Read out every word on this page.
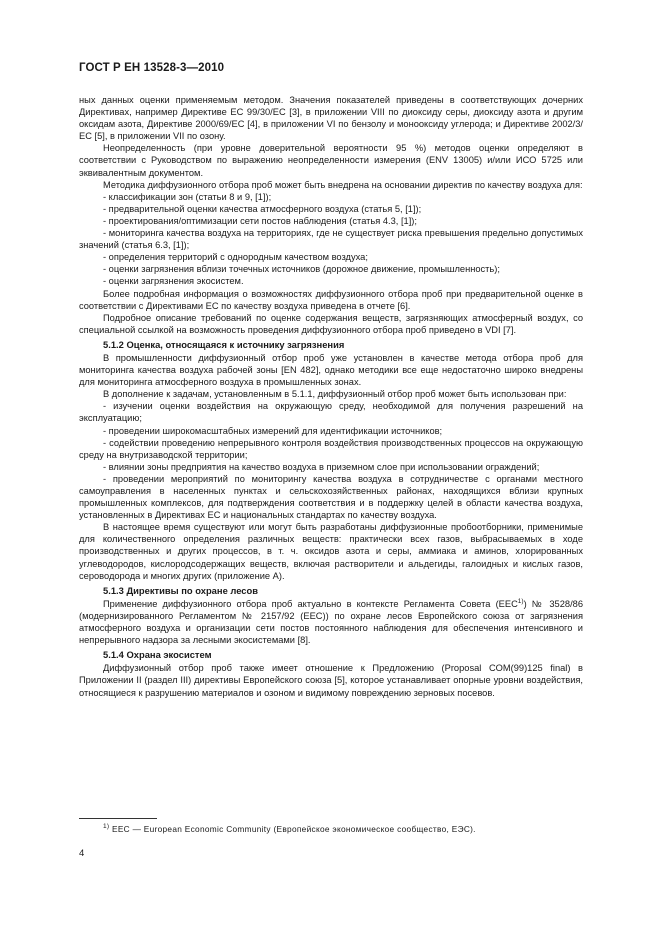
ГОСТ Р ЕН 13528-3—2010

ных данных оценки применяемым методом. Значения показателей приведены в соответствующих дочерних Директивах, например Директиве ЕС 99/30/ЕС [3], в приложении VIII по диоксиду серы, диоксиду азота и другим оксидам азота, Директиве 2000/69/ЕС [4], в приложении VI по бензолу и монооксиду углерода; и Директиве 2002/3/ЕС [5], в приложении VII по озону.

Неопределенность (при уровне доверительной вероятности 95 %) методов оценки определяют в соответствии с Руководством по выражению неопределенности измерения (ENV 13005) и/или ИСО 5725 или эквивалентным документом.

Методика диффузионного отбора проб может быть внедрена на основании директив по качеству воздуха для:

- классификации зон (статьи 8 и 9, [1]);
- предварительной оценки качества атмосферного воздуха (статья 5, [1]);
- проектирования/оптимизации сети постов наблюдения (статья 4.3, [1]);
- мониторинга качества воздуха на территориях, где не существует риска превышения предельно допустимых значений (статья 6.3, [1]);
- определения территорий с однородным качеством воздуха;
- оценки загрязнения вблизи точечных источников (дорожное движение, промышленность);
- оценки загрязнения экосистем.

Более подробная информация о возможностях диффузионного отбора проб при предварительной оценке в соответствии с Директивами ЕС по качеству воздуха приведена в отчете [6].

Подробное описание требований по оценке содержания веществ, загрязняющих атмосферный воздух, со специальной ссылкой на возможность проведения диффузионного отбора проб приведено в VDI [7].

5.1.2 Оценка, относящаяся к источнику загрязнения

В промышленности диффузионный отбор проб уже установлен в качестве метода отбора проб для мониторинга качества воздуха рабочей зоны [EN 482], однако методики все еще недостаточно широко внедрены для мониторинга атмосферного воздуха в промышленных зонах.

В дополнение к задачам, установленным в 5.1.1, диффузионный отбор проб может быть использован при:

- изучении оценки воздействия на окружающую среду, необходимой для получения разрешений на эксплуатацию;
- проведении широкомасштабных измерений для идентификации источников;
- содействии проведению непрерывного контроля воздействия производственных процессов на окружающую среду на внутризаводской территории;
- влиянии зоны предприятия на качество воздуха в приземном слое при использовании ограждений;
- проведении мероприятий по мониторингу качества воздуха в сотрудничестве с органами местного самоуправления в населенных пунктах и сельскохозяйственных районах, находящихся вблизи крупных промышленных комплексов, для подтверждения соответствия и в поддержку целей в области качества воздуха, установленных в Директивах ЕС и национальных стандартах по качеству воздуха.

В настоящее время существуют или могут быть разработаны диффузионные пробоотборники, применимые для количественного определения различных веществ: практически всех газов, выбрасываемых в ходе производственных и других процессов, в т. ч. оксидов азота и серы, аммиака и аминов, хлорированных углеводородов, кислородсодержащих веществ, включая растворители и альдегиды, галоидных и кислых газов, сероводорода и многих других (приложение А).

5.1.3 Директивы по охране лесов

Применение диффузионного отбора проб актуально в контексте Регламента Совета (ЕЕС$^{1)}$) № 3528/86 (модернизированного Регламентом № 2157/92 (ЕЕС)) по охране лесов Европейского союза от загрязнения атмосферного воздуха и организации сети постов постоянного наблюдения для обеспечения интенсивного и непрерывного надзора за лесными экосистемами [8].

5.1.4 Охрана экосистем

Диффузионный отбор проб также имеет отношение к Предложению (Proposal COM(99)125 final) в Приложении II (раздел III) директивы Европейского союза [5], которое устанавливает опорные уровни воздействия, относящиеся к разрушению материалов и озоном и видимому повреждению зерновых посевов.

$^{1)}$ ЕЕС — European Economic Community (Европейское экономическое сообщество, ЕЭС).
4
